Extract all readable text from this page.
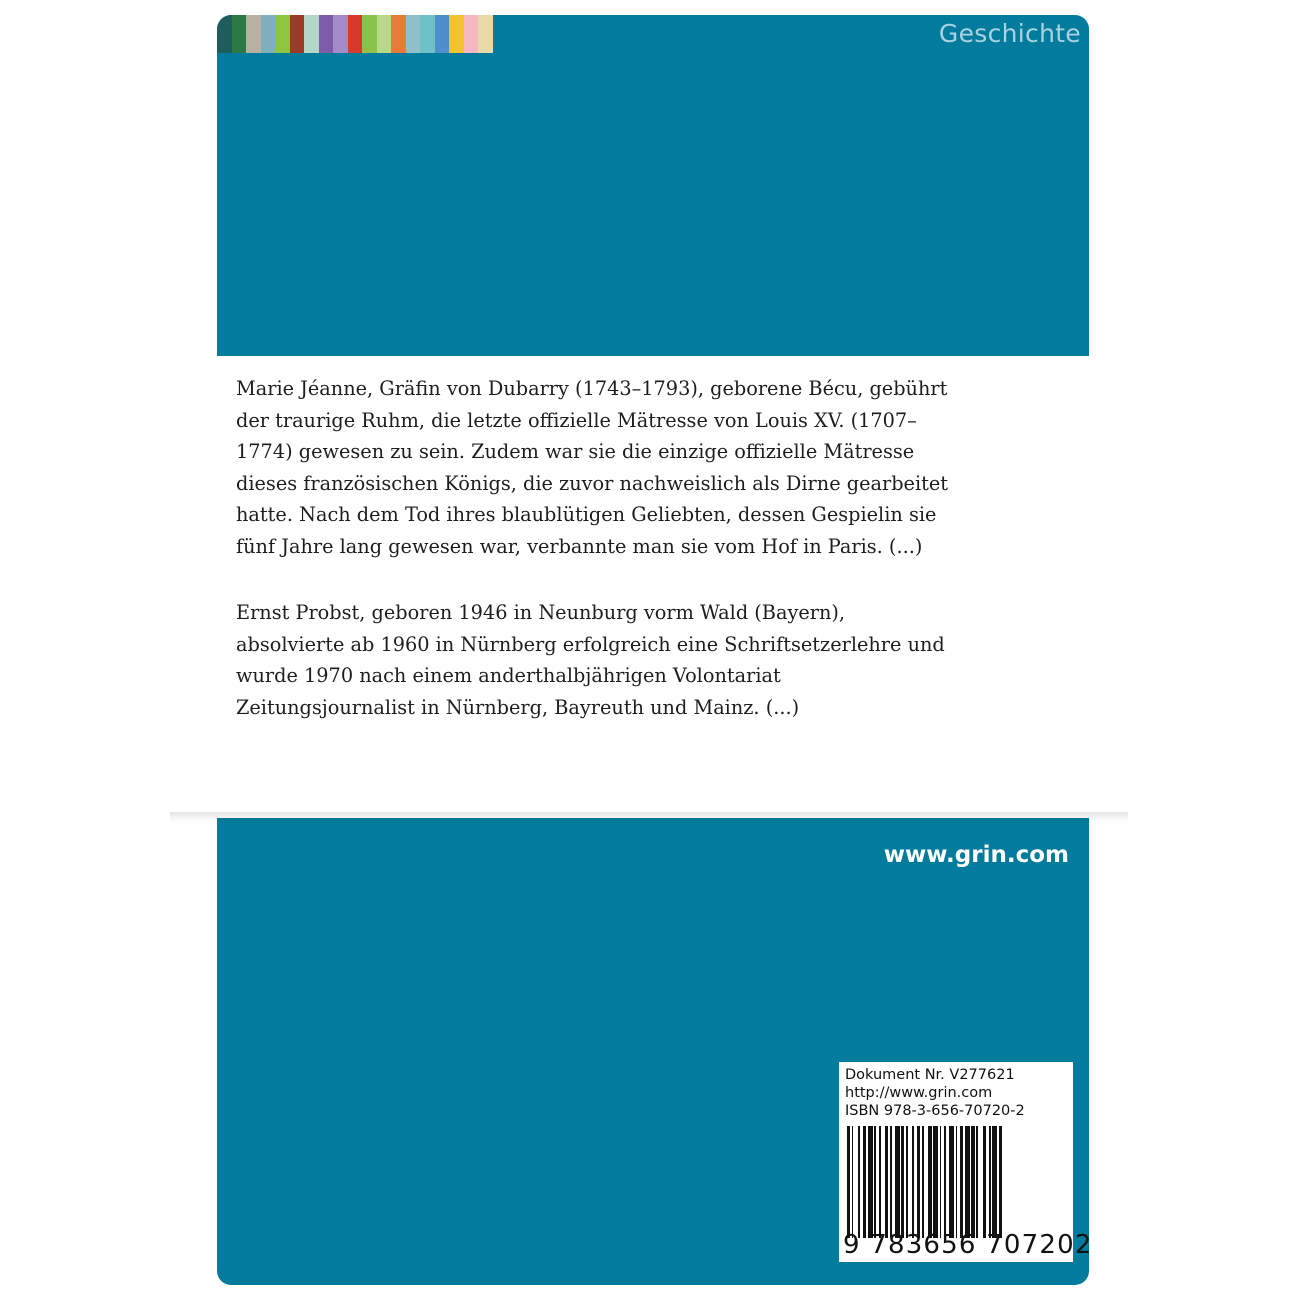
Geschichte

Marie Jéanne, Gräfin von Dubarry (1743–1793), geborene Bécu, gebührt der traurige Ruhm, die letzte offizielle Mätresse von Louis XV. (1707–1774) gewesen zu sein. Zudem war sie die einzige offizielle Mätresse dieses französischen Königs, die zuvor nachweislich als Dirne gearbeitet hatte. Nach dem Tod ihres blaublütigen Geliebten, dessen Gespielin sie fünf Jahre lang gewesen war, verbannte man sie vom Hof in Paris. (...)

Ernst Probst, geboren 1946 in Neunburg vorm Wald (Bayern), absolvierte ab 1960 in Nürnberg erfolgreich eine Schriftsetzerlehre und wurde 1970 nach einem anderthalbjährigen Volontariat Zeitungsjournalist in Nürnberg, Bayreuth und Mainz. (...)

www.grin.com
Dokument Nr. V277621
http://www.grin.com
ISBN 978-3-656-70720-2
9 783656 707202
